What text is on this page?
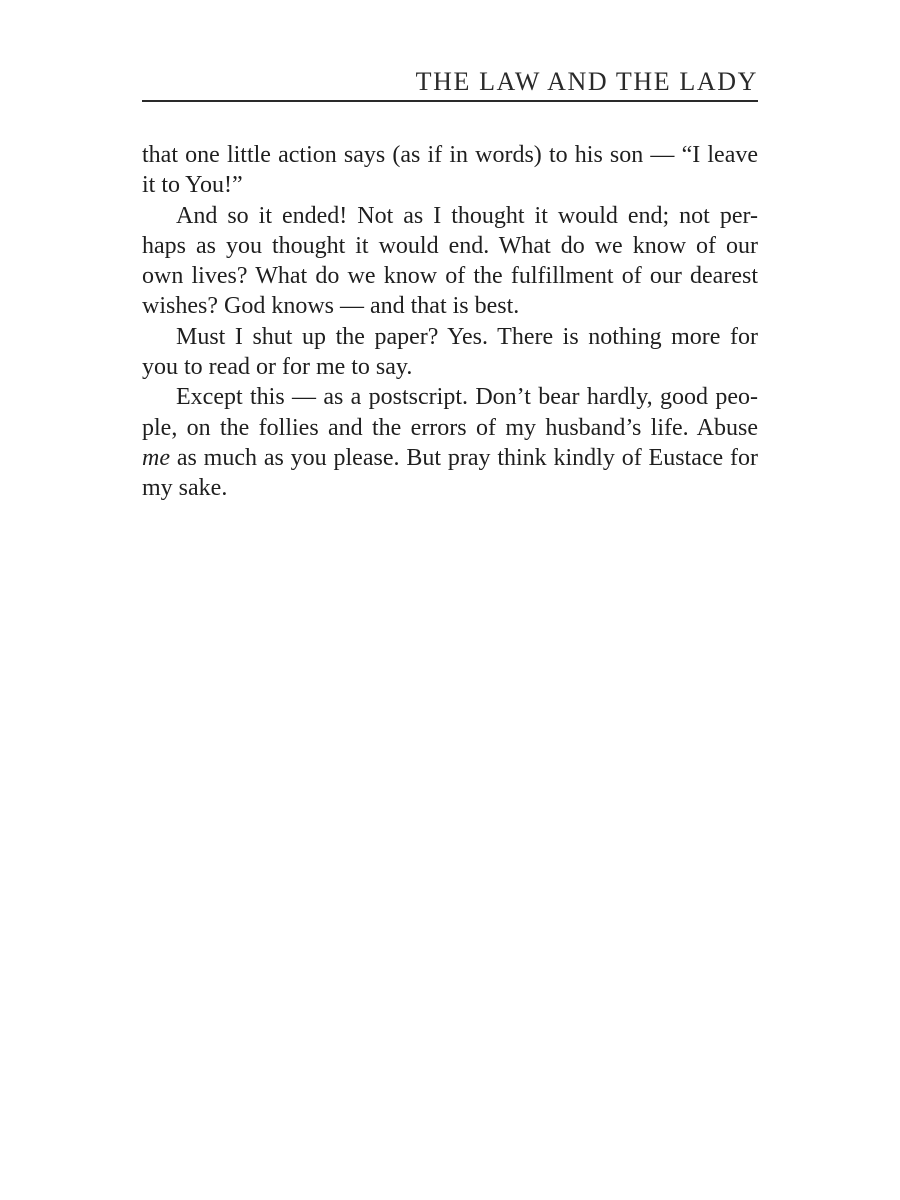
THE LAW AND THE LADY
that one little action says (as if in words) to his son — “I leave
it to You!”
And so it ended! Not as I thought it would end; not per-
haps as you thought it would end. What do we know of our
own lives? What do we know of the fulfillment of our dearest
wishes? God knows — and that is best.
Must I shut up the paper? Yes. There is nothing more for
you to read or for me to say.
Except this — as a postscript. Don’t bear hardly, good peo-
ple, on the follies and the errors of my husband’s life. Abuse
me as much as you please. But pray think kindly of Eustace for
my sake.
